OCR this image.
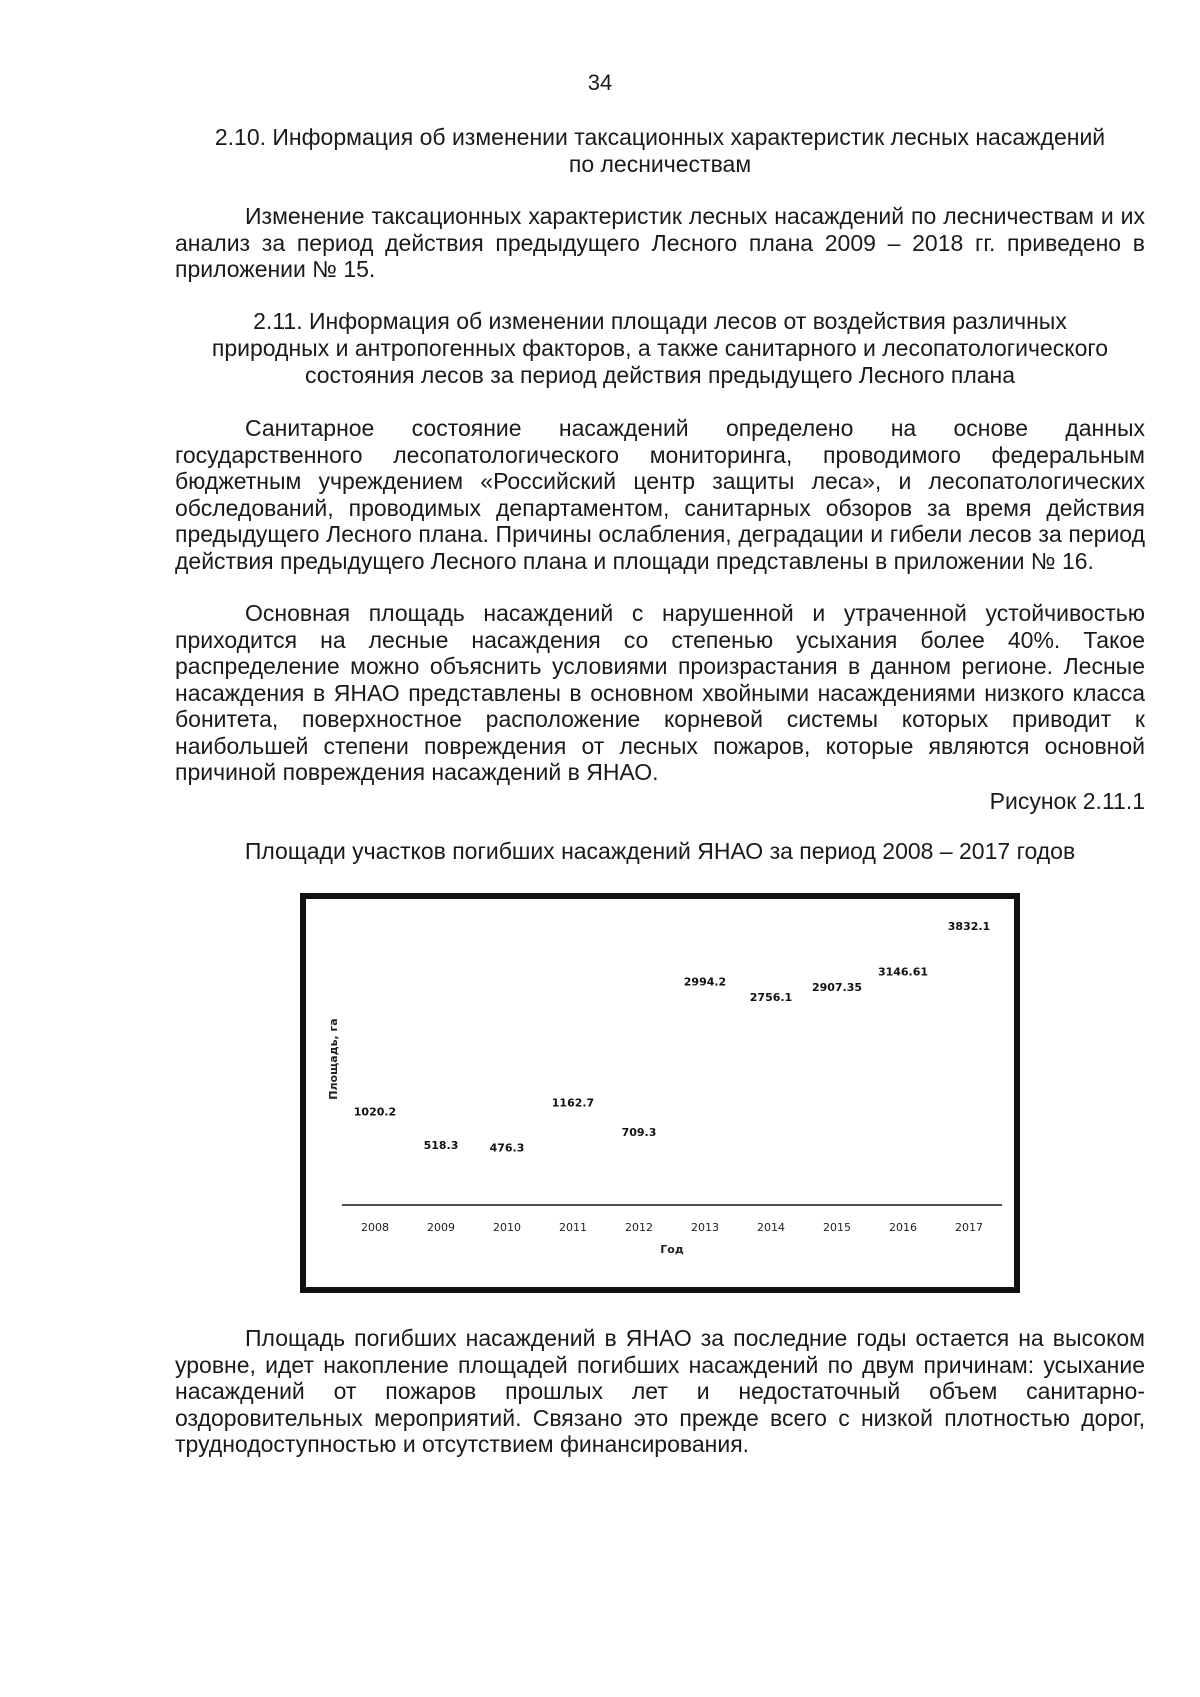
34
2.10. Информация об изменении таксационных характеристик лесных насаждений
по лесничествам

Изменение таксационных характеристик лесных насаждений по лесничествам и их анализ за период действия предыдущего Лесного плана 2009 – 2018 гг. приведено в приложении № 15.

2.11. Информация об изменении площади лесов от воздействия различных
природных и антропогенных факторов, а также санитарного и лесопатологического
состояния лесов за период действия предыдущего Лесного плана

Санитарное состояние насаждений определено на основе данных государственного лесопатологического мониторинга, проводимого федеральным бюджетным учреждением «Российский центр защиты леса», и лесопатологических обследований, проводимых департаментом, санитарных обзоров за время действия предыдущего Лесного плана. Причины ослабления, деградации и гибели лесов за период действия предыдущего Лесного плана и площади представлены в приложении № 16.

Основная площадь насаждений с нарушенной и утраченной устойчивостью приходится на лесные насаждения со степенью усыхания более 40%. Такое распределение можно объяснить условиями произрастания в данном регионе. Лесные насаждения в ЯНАО представлены в основном хвойными насаждениями низкого класса бонитета, поверхностное расположение корневой системы которых приводит к наибольшей степени повреждения от лесных пожаров, которые являются основной причиной повреждения насаждений в ЯНАО.

Рисунок 2.11.1
Площади участков погибших насаждений ЯНАО за период 2008 – 2017 годов
1020.2
518.3	476.3
1162.7
709.3
2994.2
2756.1
2907.35
3146.61
3832.1
2008	2009	2010	2011	2012	2013	2014	2015	2016	2017
Год
Площадь, га

Площадь погибших насаждений в ЯНАО за последние годы остается на высоком уровне, идет накопление площадей погибших насаждений по двум причинам: усыхание насаждений от пожаров прошлых лет и недостаточный объем санитарно-оздоровительных мероприятий. Связано это прежде всего с низкой плотностью дорог, труднодоступностью и отсутствием финансирования.
